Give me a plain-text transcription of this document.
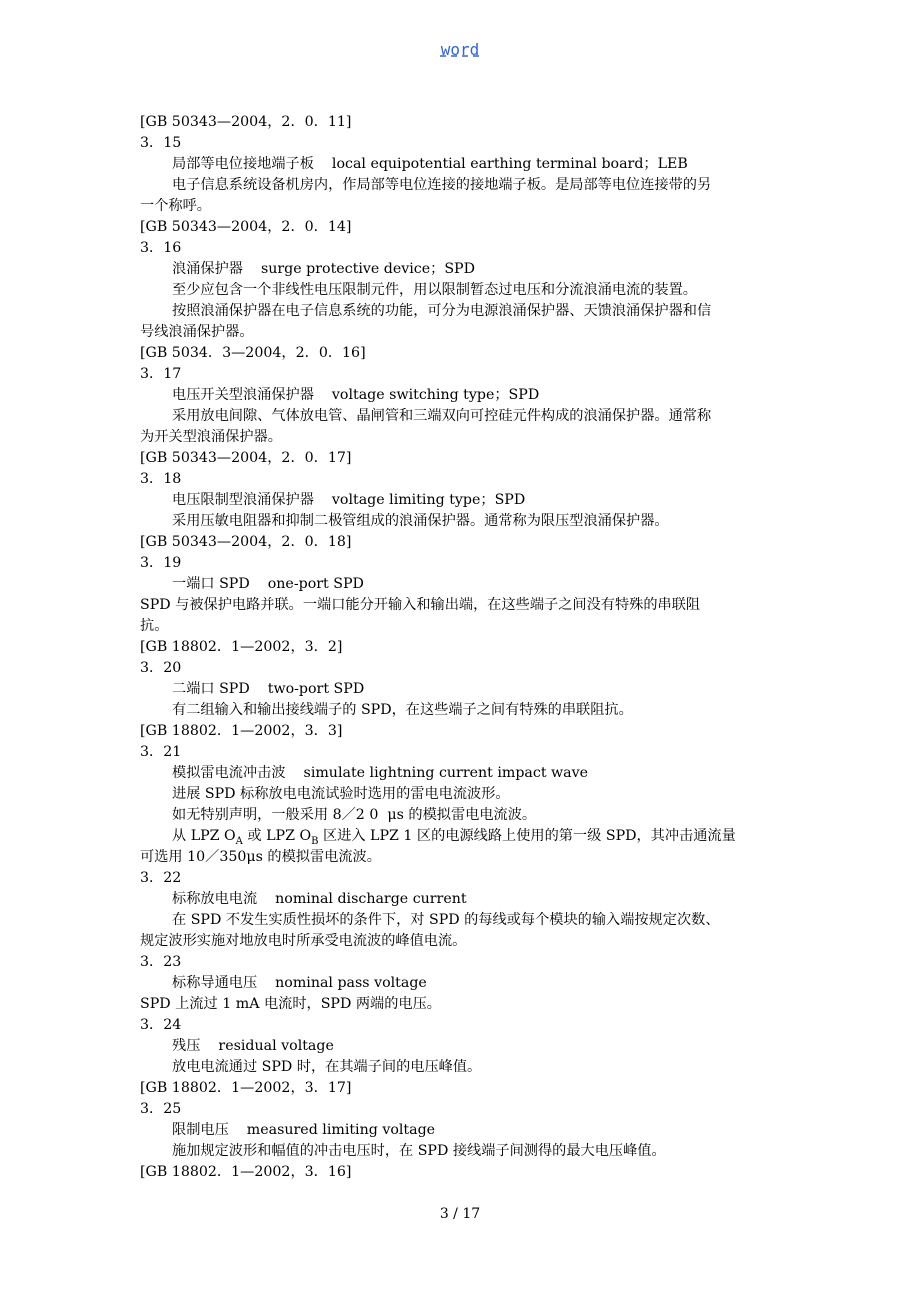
word
[GB 50343—2004，2．0．11]
3．15
局部等电位接地端子板    local equipotential earthing terminal board；LEB
电子信息系统设备机房内，作局部等电位连接的接地端子板。是局部等电位连接带的另
一个称呼。
[GB 50343—2004，2．0．14]
3．16
浪涌保护器    surge protective device；SPD
至少应包含一个非线性电压限制元件，用以限制暂态过电压和分流浪涌电流的装置。
按照浪涌保护器在电子信息系统的功能，可分为电源浪涌保护器、天馈浪涌保护器和信
号线浪涌保护器。
[GB 5034．3—2004，2．0．16]
3．17
电压开关型浪涌保护器    voltage switching type；SPD
采用放电间隙、气体放电管、晶闸管和三端双向可控硅元件构成的浪涌保护器。通常称
为开关型浪涌保护器。
[GB 50343—2004，2．0．17]
3．18
电压限制型浪涌保护器    voltage limiting type；SPD
采用压敏电阻器和抑制二极管组成的浪涌保护器。通常称为限压型浪涌保护器。
[GB 50343—2004，2．0．18]
3．19
一端口 SPD    one-port SPD
SPD 与被保护电路并联。一端口能分开输入和输出端，在这些端子之间没有特殊的串联阻
抗。
[GB 18802．1—2002，3．2]
3．20
二端口 SPD    two-port SPD
有二组输入和输出接线端子的 SPD，在这些端子之间有特殊的串联阻抗。
[GB 18802．1—2002，3．3]
3．21
模拟雷电流冲击波    simulate lightning current impact wave
进展 SPD 标称放电电流试验时选用的雷电电流波形。
如无特别声明，一般采用 8／2 0  μs 的模拟雷电电流波。
从 LPZ $O_A$ 或 LPZ $O_B$ 区进入 LPZ 1 区的电源线路上使用的第一级 SPD，其冲击通流量
可选用 10／350μs 的模拟雷电流波。
3．22
标称放电电流    nominal discharge current
在 SPD 不发生实质性损坏的条件下，对 SPD 的每线或每个模块的输入端按规定次数、
规定波形实施对地放电时所承受电流波的峰值电流。
3．23
标称导通电压    nominal pass voltage
SPD 上流过 1 mA 电流时，SPD 两端的电压。
3．24
残压    residual voltage
放电电流通过 SPD 时，在其端子间的电压峰值。
[GB 18802．1—2002，3．17]
3．25
限制电压    measured limiting voltage
施加规定波形和幅值的冲击电压时，在 SPD 接线端子间测得的最大电压峰值。
[GB 18802．1—2002，3．16]
3 / 17
